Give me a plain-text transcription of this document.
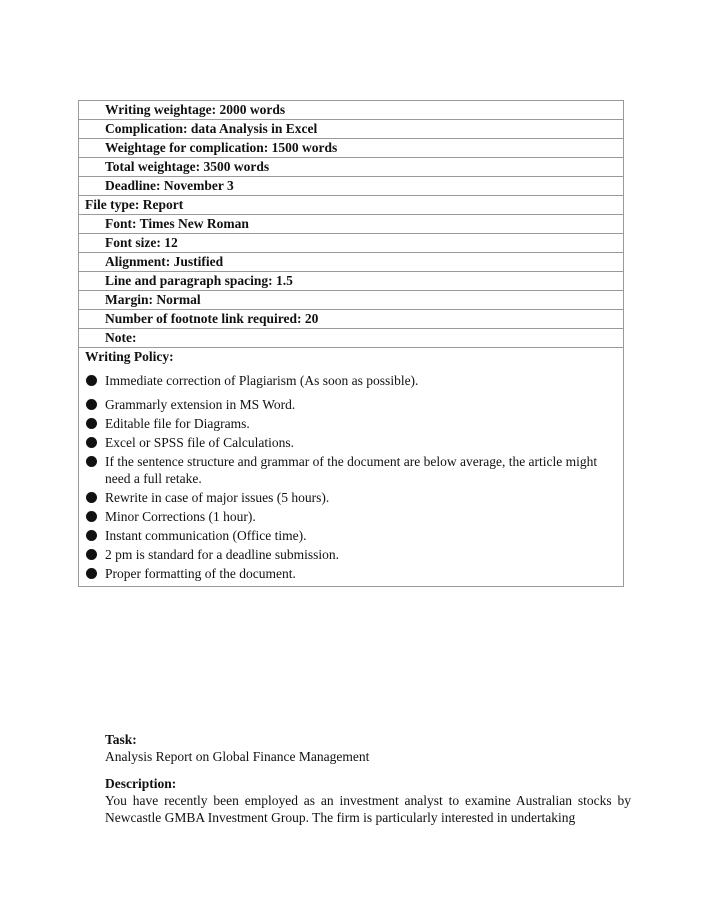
Writing weightage: 2000 words
Complication: data Analysis in Excel
Weightage for complication: 1500 words
Total weightage: 3500 words
Deadline: November 3
File type: Report
Font: Times New Roman
Font size: 12
Alignment: Justified
Line and paragraph spacing: 1.5
Margin: Normal
Number of footnote link required: 20
Note:
Writing Policy:
Immediate correction of Plagiarism (As soon as possible).
Grammarly extension in MS Word.
Editable file for Diagrams.
Excel or SPSS file of Calculations.
If the sentence structure and grammar of the document are below average, the article might need a full retake.
Rewrite in case of major issues (5 hours).
Minor Corrections (1 hour).
Instant communication (Office time).
2 pm is standard for a deadline submission.
Proper formatting of the document.
Task:
Analysis Report on Global Finance Management
Description:
You have recently been employed as an investment analyst to examine Australian stocks by Newcastle GMBA Investment Group. The firm is particularly interested in undertaking
